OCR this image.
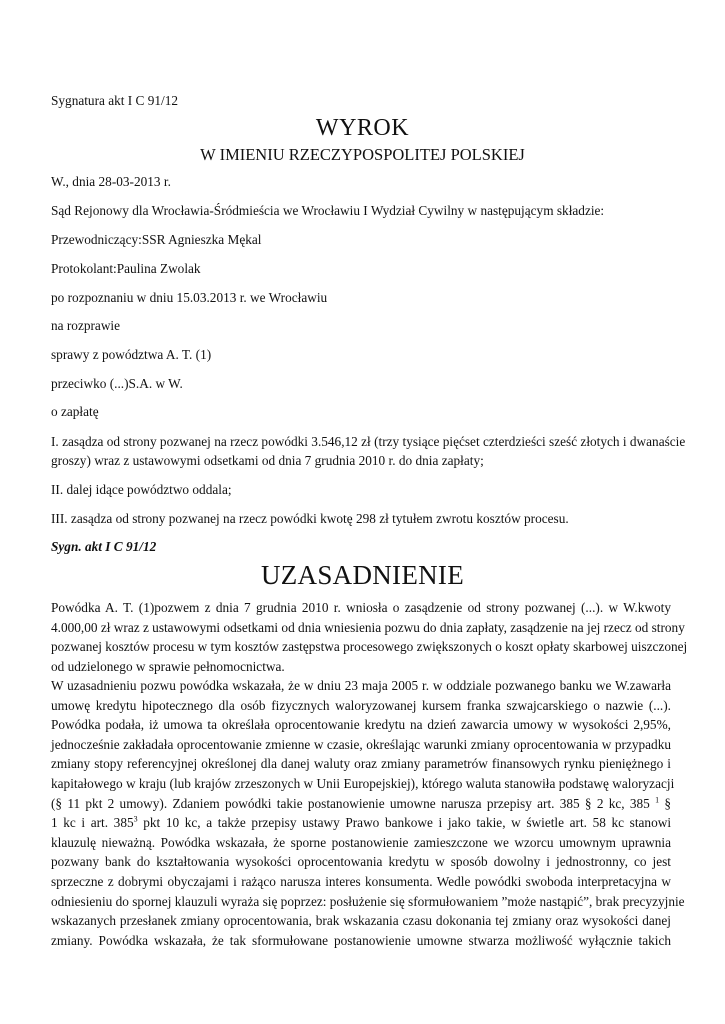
Sygnatura akt I C 91/12

WYROK
W IMIENIU RZECZYPOSPOLITEJ POLSKIEJ

W., dnia 28-03-2013 r.

Sąd Rejonowy dla Wrocławia-Śródmieścia we Wrocławiu I Wydział Cywilny w następującym składzie:

Przewodniczący:SSR Agnieszka Mękal

Protokolant:Paulina Zwolak

po rozpoznaniu w dniu 15.03.2013 r. we Wrocławiu

na rozprawie

sprawy z powództwa A. T. (1)

przeciwko (...)S.A. w W.

o zapłatę

I. zasądza od strony pozwanej na rzecz powódki 3.546,12 zł (trzy tysiące pięćset czterdzieści sześć złotych i dwanaście

groszy) wraz z ustawowymi odsetkami od dnia 7 grudnia 2010 r. do dnia zapłaty;

II. dalej idące powództwo oddala;

III. zasądza od strony pozwanej na rzecz powódki kwotę 298 zł tytułem zwrotu kosztów procesu.

Sygn. akt I C 91/12

UZASADNIENIE
Powódka A. T. (1)pozwem z dnia 7 grudnia 2010 r. wniosła o zasądzenie od strony pozwanej (...). w W.kwoty
4.000,00 zł wraz z ustawowymi odsetkami od dnia wniesienia pozwu do dnia zapłaty, zasądzenie na jej rzecz od strony
pozwanej kosztów procesu w tym kosztów zastępstwa procesowego zwiększonych o koszt opłaty skarbowej uiszczonej
od udzielonego w sprawie pełnomocnictwa.
W uzasadnieniu pozwu powódka wskazała, że w dniu 23 maja 2005 r. w oddziale pozwanego banku we W.zawarła
umowę kredytu hipotecznego dla osób fizycznych waloryzowanej kursem franka szwajcarskiego o nazwie (...).
Powódka podała, iż umowa ta określała oprocentowanie kredytu na dzień zawarcia umowy w wysokości 2,95%,
jednocześnie zakładała oprocentowanie zmienne w czasie, określając warunki zmiany oprocentowania w przypadku
zmiany stopy referencyjnej określonej dla danej waluty oraz zmiany parametrów finansowych rynku pieniężnego i
kapitałowego w kraju (lub krajów zrzeszonych w Unii Europejskiej), którego waluta stanowiła podstawę waloryzacji
(§ 11 pkt 2 umowy). Zdaniem powódki takie postanowienie umowne narusza przepisy art. 385 § 2 kc, 385 $^1$ §
1 kc i art. $385^3$ pkt 10 kc, a także przepisy ustawy Prawo bankowe i jako takie, w świetle art. 58 kc stanowi
klauzulę nieważną. Powódka wskazała, że sporne postanowienie zamieszczone we wzorcu umownym uprawnia
pozwany bank do kształtowania wysokości oprocentowania kredytu w sposób dowolny i jednostronny, co jest
sprzeczne z dobrymi obyczajami i rażąco narusza interes konsumenta. Wedle powódki swoboda interpretacyjna w
odniesieniu do spornej klauzuli wyraża się poprzez: posłużenie się sformułowaniem ”może nastąpić”, brak precyzyjnie
wskazanych przesłanek zmiany oprocentowania, brak wskazania czasu dokonania tej zmiany oraz wysokości danej
zmiany. Powódka wskazała, że tak sformułowane postanowienie umowne stwarza możliwość wyłącznie takich
